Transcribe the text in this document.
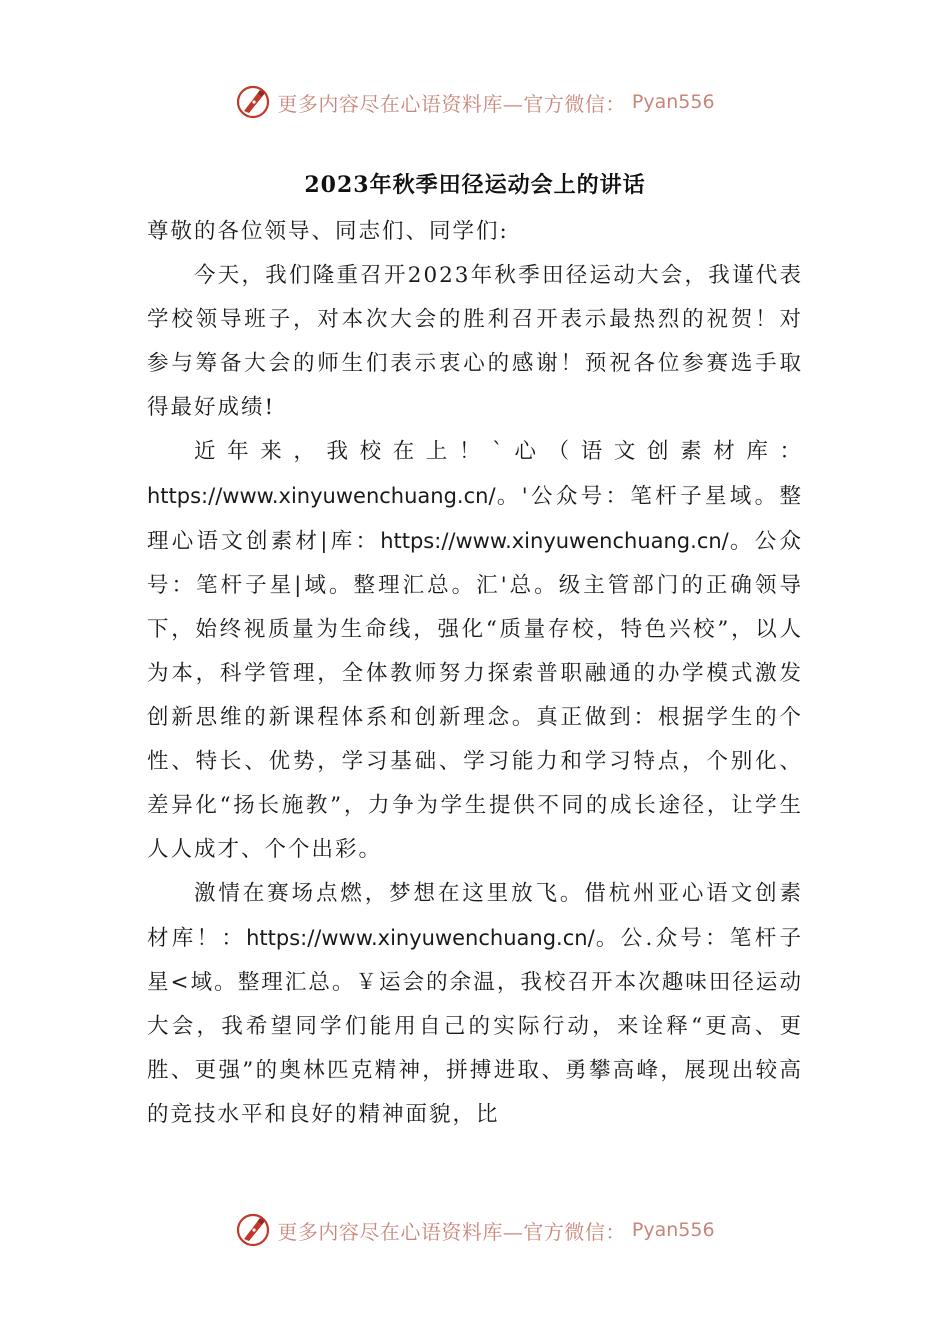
更多内容尽在心语资料库—官方微信： Pyan556
2023年秋季田径运动会上的讲话

尊敬的各位领导、同志们、同学们:

今天，我们隆重召开2023年秋季田径运动大会，我谨代表学校领导班子，对本次大会的胜利召开表示最热烈的祝贺！对参与筹备大会的师生们表示衷心的感谢！预祝各位参赛选手取得最好成绩!

近年来，我校在上！`心（语文创素材库：https://www.xinyuwenchuang.cn/。'公众号：笔杆子星域。整理心语文创素材|库：https://www.xinyuwenchuang.cn/。公众号：笔杆子星|域。整理汇总。汇'总。级主管部门的正确领导下，始终视质量为生命线，强化“质量存校，特色兴校”，以人为本，科学管理，全体教师努力探索普职融通的办学模式激发创新思维的新课程体系和创新理念。真正做到：根据学生的个性、特长、优势，学习基础、学习能力和学习特点，个别化、差异化“扬长施教”，力争为学生提供不同的成长途径，让学生人人成才、个个出彩。

激情在赛场点燃，梦想在这里放飞。借杭州亚心语文创素材库！：https://www.xinyuwenchuang.cn/。公.众号：笔杆子星<域。整理汇总。￥运会的余温，我校召开本次趣味田径运动大会，我希望同学们能用自己的实际行动，来诠释“更高、更胜、更强”的奥林匹克精神，拼搏进取、勇攀高峰，展现出较高的竞技水平和良好的精神面貌，比

更多内容尽在心语资料库—官方微信： Pyan556
